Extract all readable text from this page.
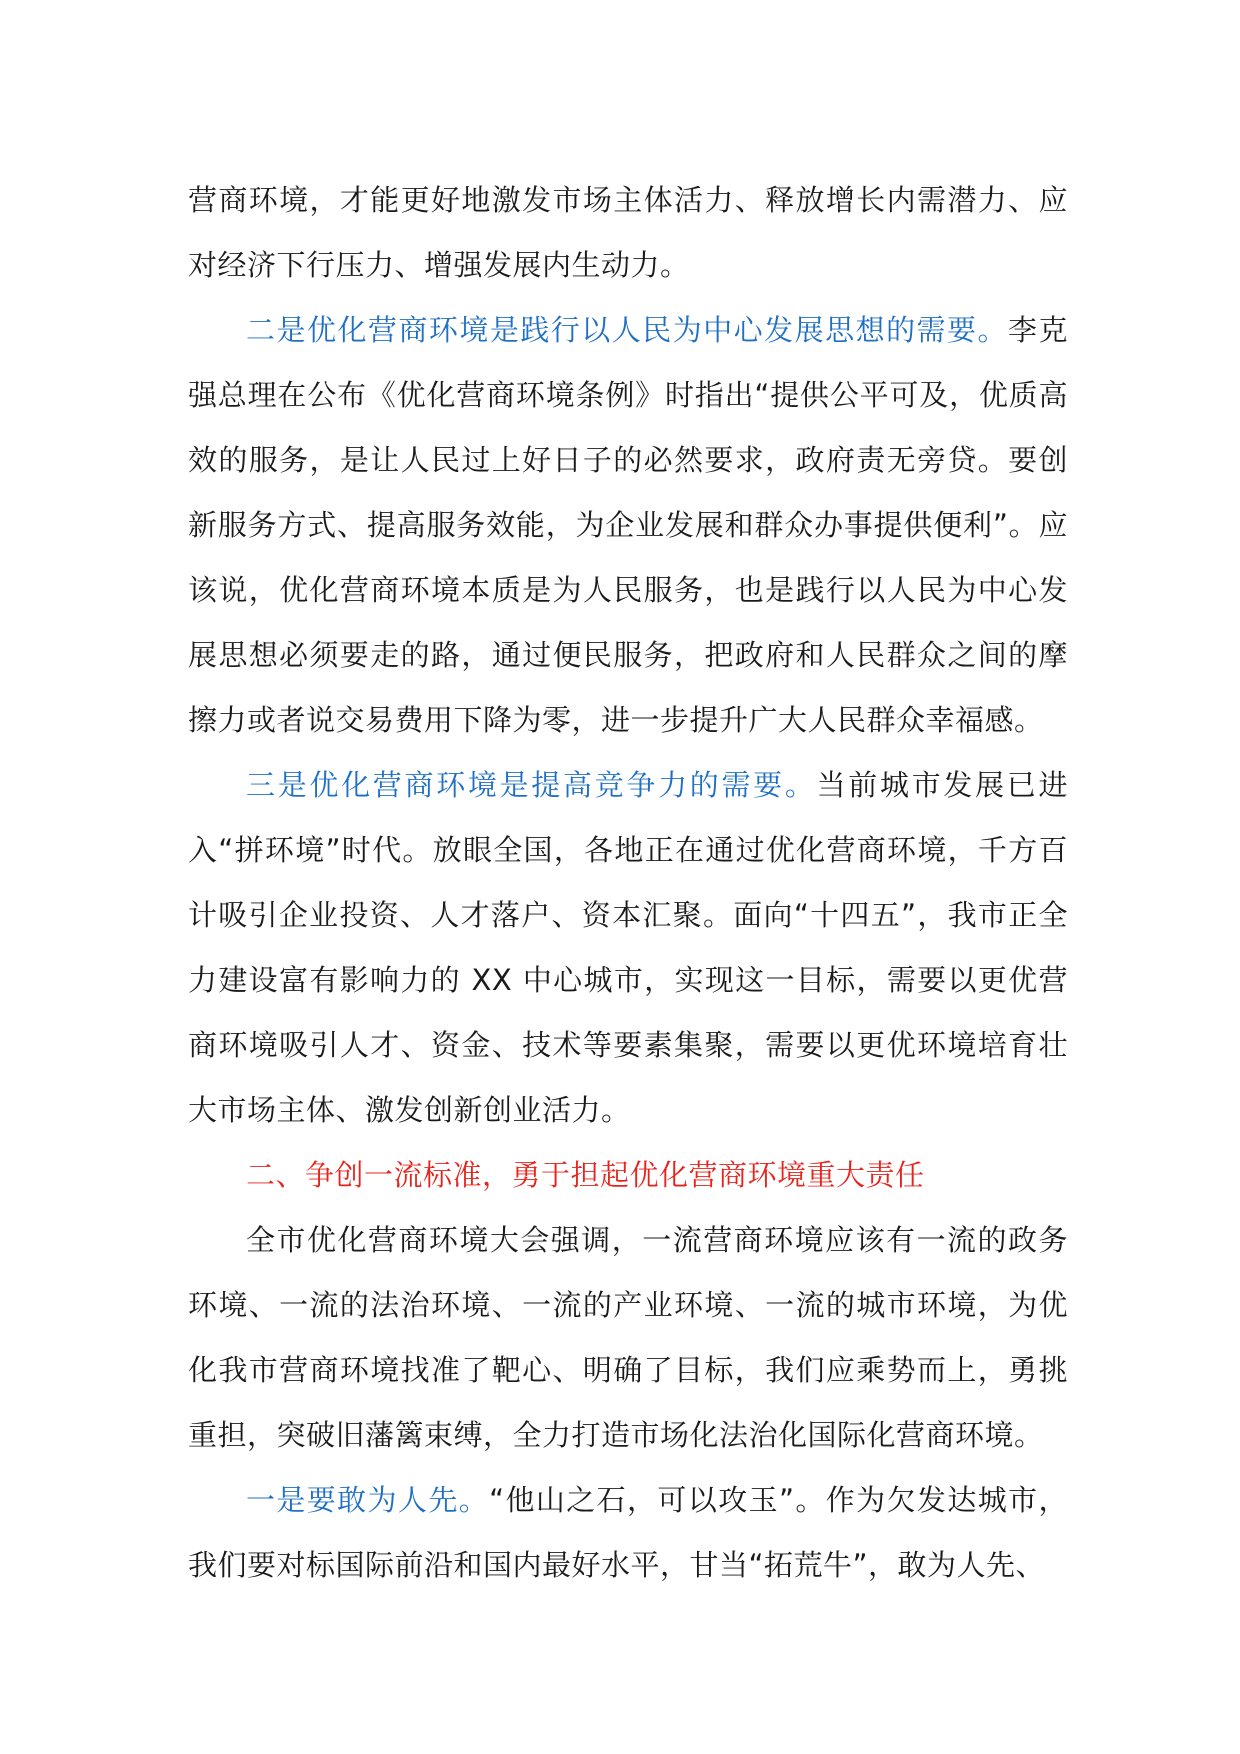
营商环境，才能更好地激发市场主体活力、释放增长内需潜力、应对经济下行压力、增强发展内生动力。

二是优化营商环境是践行以人民为中心发展思想的需要。李克强总理在公布《优化营商环境条例》时指出“提供公平可及，优质高效的服务，是让人民过上好日子的必然要求，政府责无旁贷。要创新服务方式、提高服务效能，为企业发展和群众办事提供便利”。应该说，优化营商环境本质是为人民服务，也是践行以人民为中心发展思想必须要走的路，通过便民服务，把政府和人民群众之间的摩擦力或者说交易费用下降为零，进一步提升广大人民群众幸福感。

三是优化营商环境是提高竞争力的需要。当前城市发展已进入“拼环境”时代。放眼全国，各地正在通过优化营商环境，千方百计吸引企业投资、人才落户、资本汇聚。面向“十四五”，我市正全力建设富有影响力的 XX 中心城市，实现这一目标，需要以更优营商环境吸引人才、资金、技术等要素集聚，需要以更优环境培育壮大市场主体、激发创新创业活力。

二、争创一流标准，勇于担起优化营商环境重大责任

全市优化营商环境大会强调，一流营商环境应该有一流的政务环境、一流的法治环境、一流的产业环境、一流的城市环境，为优化我市营商环境找准了靶心、明确了目标，我们应乘势而上，勇挑重担，突破旧藩篱束缚，全力打造市场化法治化国际化营商环境。

一是要敢为人先。“他山之石，可以攻玉”。作为欠发达城市，我们要对标国际前沿和国内最好水平，甘当“拓荒牛”，敢为人先、
